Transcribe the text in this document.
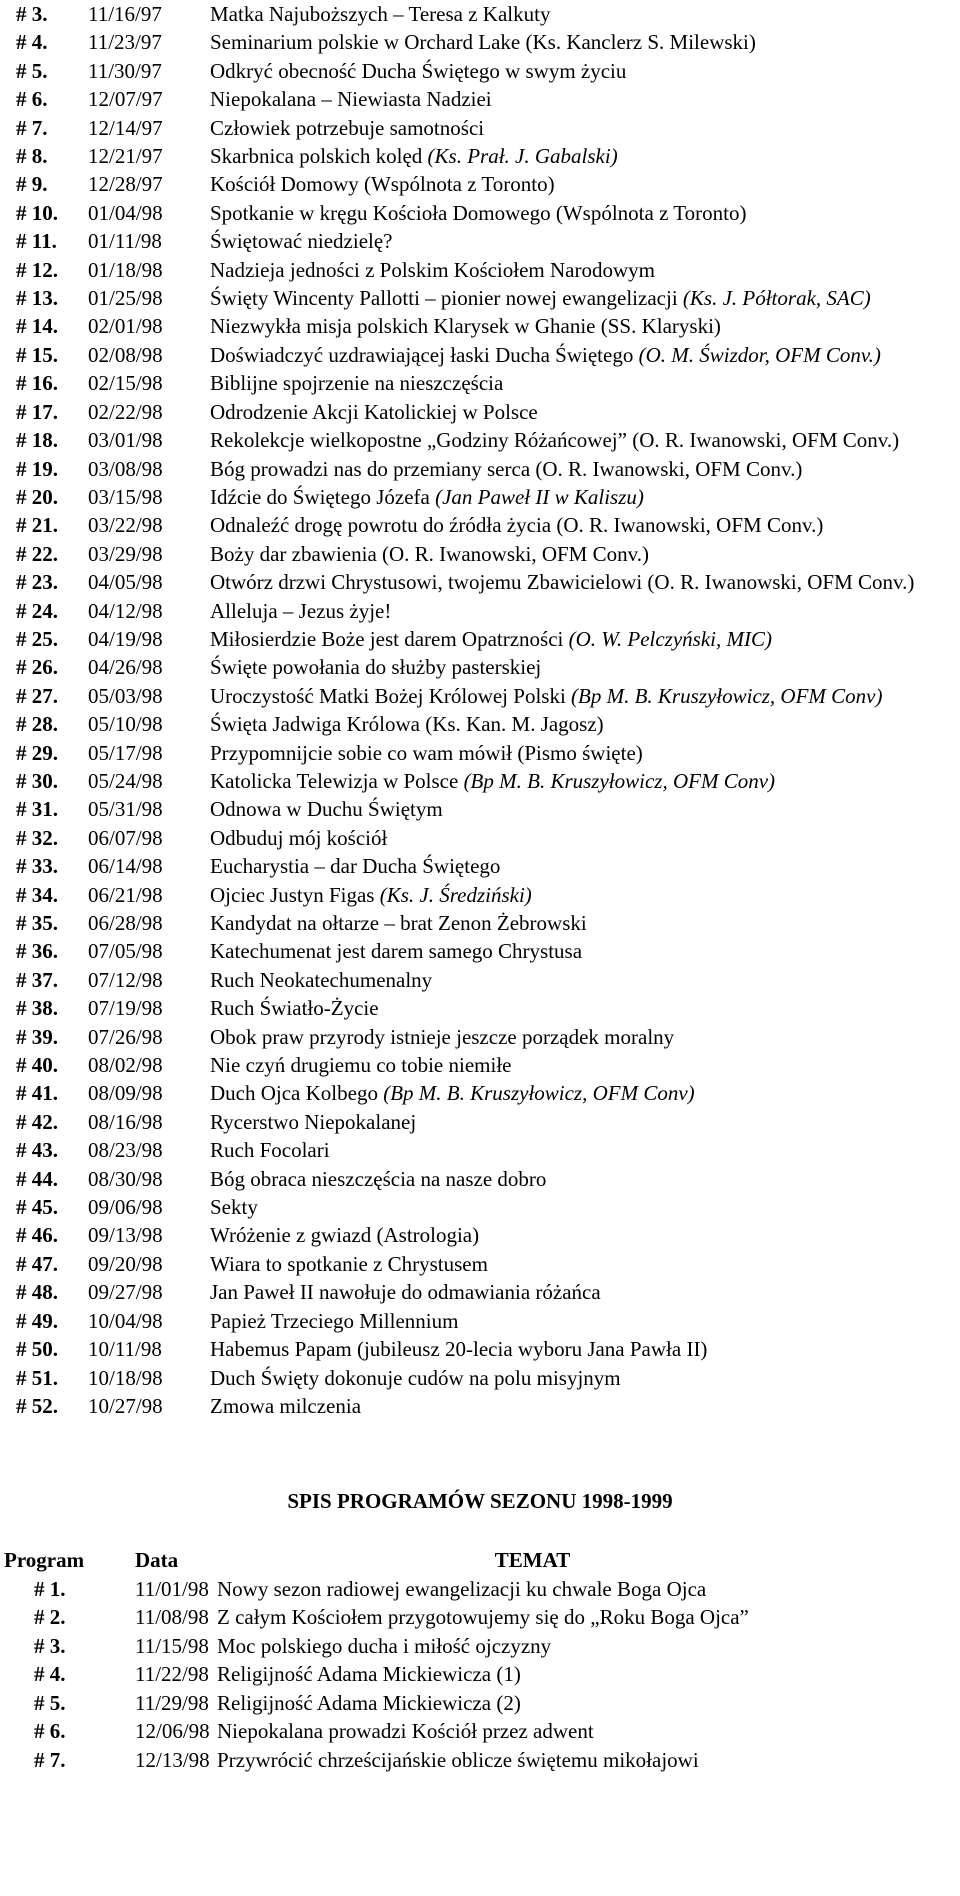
# 3.	11/16/97	Matka Najuboższych – Teresa z Kalkuty
# 4.	11/23/97	Seminarium polskie w Orchard Lake (Ks. Kanclerz S. Milewski)
# 5.	11/30/97	Odkryć obecność Ducha Świętego w swym życiu
# 6.	12/07/97	Niepokalana – Niewiasta Nadziei
# 7.	12/14/97	Człowiek potrzebuje samotności
# 8.	12/21/97	Skarbnica polskich kolęd (Ks. Prał. J. Gabalski)
# 9.	12/28/97	Kościół Domowy (Wspólnota z Toronto)
# 10.	01/04/98	Spotkanie w kręgu Kościoła Domowego (Wspólnota z Toronto)
# 11.	01/11/98	Świętować niedzielę?
# 12.	01/18/98	Nadzieja jedności z Polskim Kościołem Narodowym
# 13.	01/25/98	Święty Wincenty Pallotti – pionier nowej ewangelizacji (Ks. J. Półtorak, SAC)
# 14.	02/01/98	Niezwykła misja polskich Klarysek w Ghanie (SS. Klaryski)
# 15.	02/08/98	Doświadczyć uzdrawiającej łaski Ducha Świętego (O. M. Świzdor, OFM Conv.)
# 16.	02/15/98	Biblijne spojrzenie na nieszczęścia
# 17.	02/22/98	Odrodzenie Akcji Katolickiej w Polsce
# 18.	03/01/98	Rekolekcje wielkopostne „Godziny Różańcowej” (O. R. Iwanowski, OFM Conv.)
# 19.	03/08/98	Bóg prowadzi nas do przemiany serca (O. R. Iwanowski, OFM Conv.)
# 20.	03/15/98	Idźcie do Świętego Józefa (Jan Paweł II w Kaliszu)
# 21.	03/22/98	Odnaleźć drogę powrotu do źródła życia (O. R. Iwanowski, OFM Conv.)
# 22.	03/29/98	Boży dar zbawienia (O. R. Iwanowski, OFM Conv.)
# 23.	04/05/98	Otwórz drzwi Chrystusowi, twojemu Zbawicielowi (O. R. Iwanowski, OFM Conv.)
# 24.	04/12/98	Alleluja – Jezus żyje!
# 25.	04/19/98	Miłosierdzie Boże jest darem Opatrzności (O. W. Pelczyński, MIC)
# 26.	04/26/98	Święte powołania do służby pasterskiej
# 27.	05/03/98	Uroczystość Matki Bożej Królowej Polski (Bp M. B. Kruszyłowicz, OFM Conv)
# 28.	05/10/98	Święta Jadwiga Królowa (Ks. Kan. M. Jagosz)
# 29.	05/17/98	Przypomnijcie sobie co wam mówił (Pismo święte)
# 30.	05/24/98	Katolicka Telewizja w Polsce (Bp M. B. Kruszyłowicz, OFM Conv)
# 31.	05/31/98	Odnowa w Duchu Świętym
# 32.	06/07/98	Odbuduj mój kościół
# 33.	06/14/98	Eucharystia – dar Ducha Świętego
# 34.	06/21/98	Ojciec Justyn Figas (Ks. J. Średziński)
# 35.	06/28/98	Kandydat na ołtarze – brat Zenon Żebrowski
# 36.	07/05/98	Katechumenat jest darem samego Chrystusa
# 37.	07/12/98	Ruch Neokatechumenalny
# 38.	07/19/98	Ruch Światło-Życie
# 39.	07/26/98	Obok praw przyrody istnieje jeszcze porządek moralny
# 40.	08/02/98	Nie czyń drugiemu co tobie niemiłe
# 41.	08/09/98	Duch Ojca Kolbego (Bp M. B. Kruszyłowicz, OFM Conv)
# 42.	08/16/98	Rycerstwo Niepokalanej
# 43.	08/23/98	Ruch Focolari
# 44.	08/30/98	Bóg obraca nieszczęścia na nasze dobro
# 45.	09/06/98	Sekty
# 46.	09/13/98	Wróżenie z gwiazd (Astrologia)
# 47.	09/20/98	Wiara to spotkanie z Chrystusem
# 48.	09/27/98	Jan Paweł II nawołuje do odmawiania różańca
# 49.	10/04/98	Papież Trzeciego Millennium
# 50.	10/11/98	Habemus Papam (jubileusz 20-lecia wyboru Jana Pawła II)
# 51.	10/18/98	Duch Święty dokonuje cudów na polu misyjnym
# 52.	10/27/98	Zmowa milczenia
SPIS PROGRAMÓW SEZONU 1998-1999
Program	Data	TEMAT
# 1.	11/01/98 Nowy sezon radiowej ewangelizacji ku chwale Boga Ojca
# 2.	11/08/98 Z całym Kościołem przygotowujemy się do „Roku Boga Ojca”
# 3.	11/15/98 Moc polskiego ducha i miłość ojczyzny
# 4.	11/22/98 Religijność Adama Mickiewicza (1)
# 5.	11/29/98 Religijność Adama Mickiewicza (2)
# 6.	12/06/98 Niepokalana prowadzi Kościół przez adwent
# 7.	12/13/98 Przywrócić chrześcijańskie oblicze świętemu mikołajowi
